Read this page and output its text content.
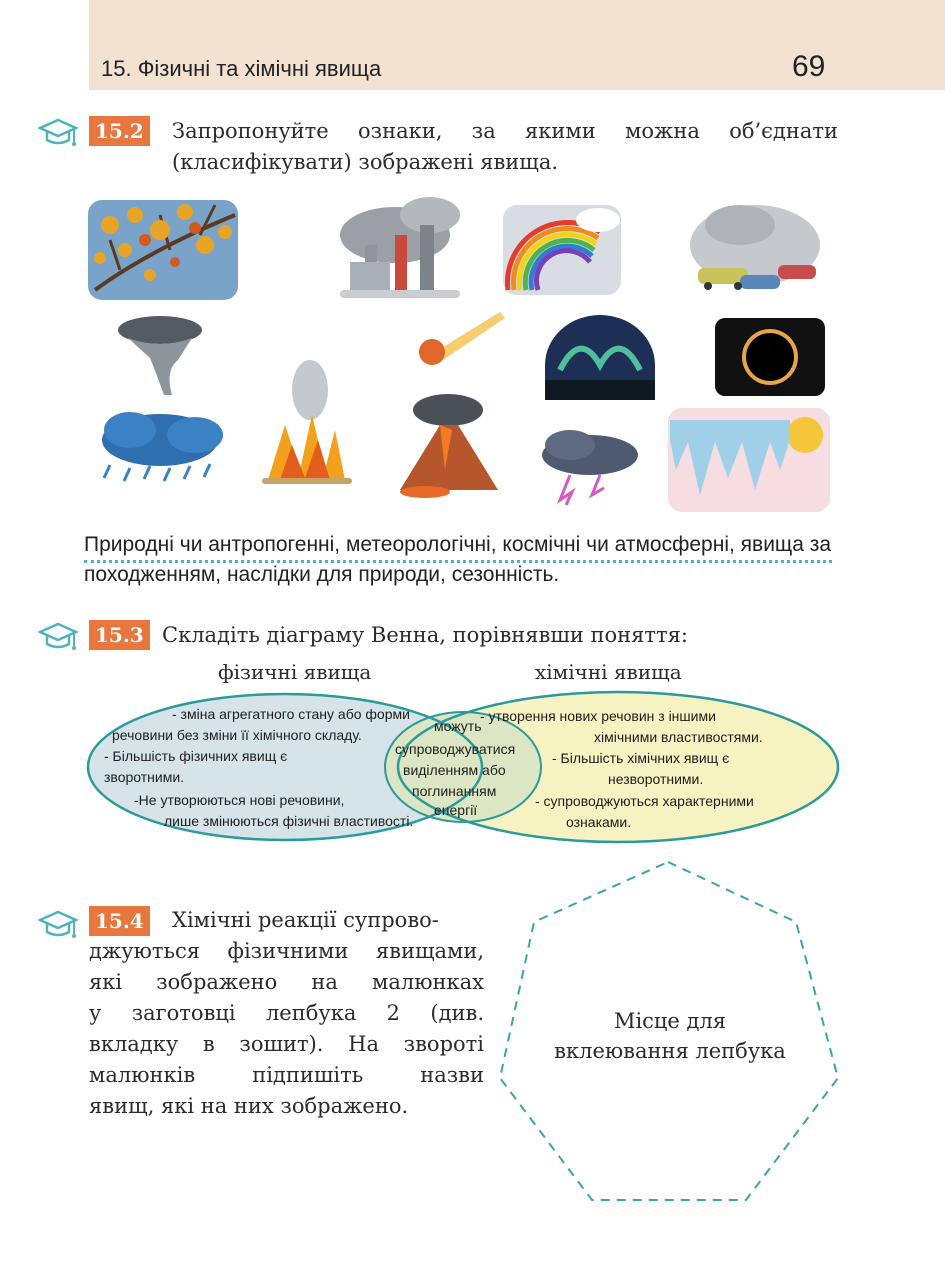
15. Фізичні та хімічні явища	69
15.2 Запропонуйте ознаки, за якими можна об’єднати (класифікувати) зображені явища.
Природні чи антропогенні, метеорологічні, космічні чи атмосферні, явища за походженням, наслідки для природи, сезонність.
15.3 Складіть діаграму Венна, порівнявши поняття:
фізичні явища	хімічні явища
- зміна агрегатного стану або форми
речовини без зміни її хімічного складу.
- Більшість фізичних явищ є
зворотними.
-Не утворюються нові речовини,
лише змінюються фізичні властивості.
можуть
супроводжуватися
виділенням або
поглинанням
енергії
- утворення нових речовин з іншими
хімічними властивостями.
- Більшість хімічних явищ є
незворотними.
- супроводжуються характерними
ознаками.
15.4 Хімічні реакції супрово-
джуються фізичними явищами,
які зображено на малюнках
у заготовці лепбука 2 (див.
вкладку в зошит). На звороті
малюнків підпишіть назви
явищ, які на них зображено.
Місце для
вклеювання лепбука
